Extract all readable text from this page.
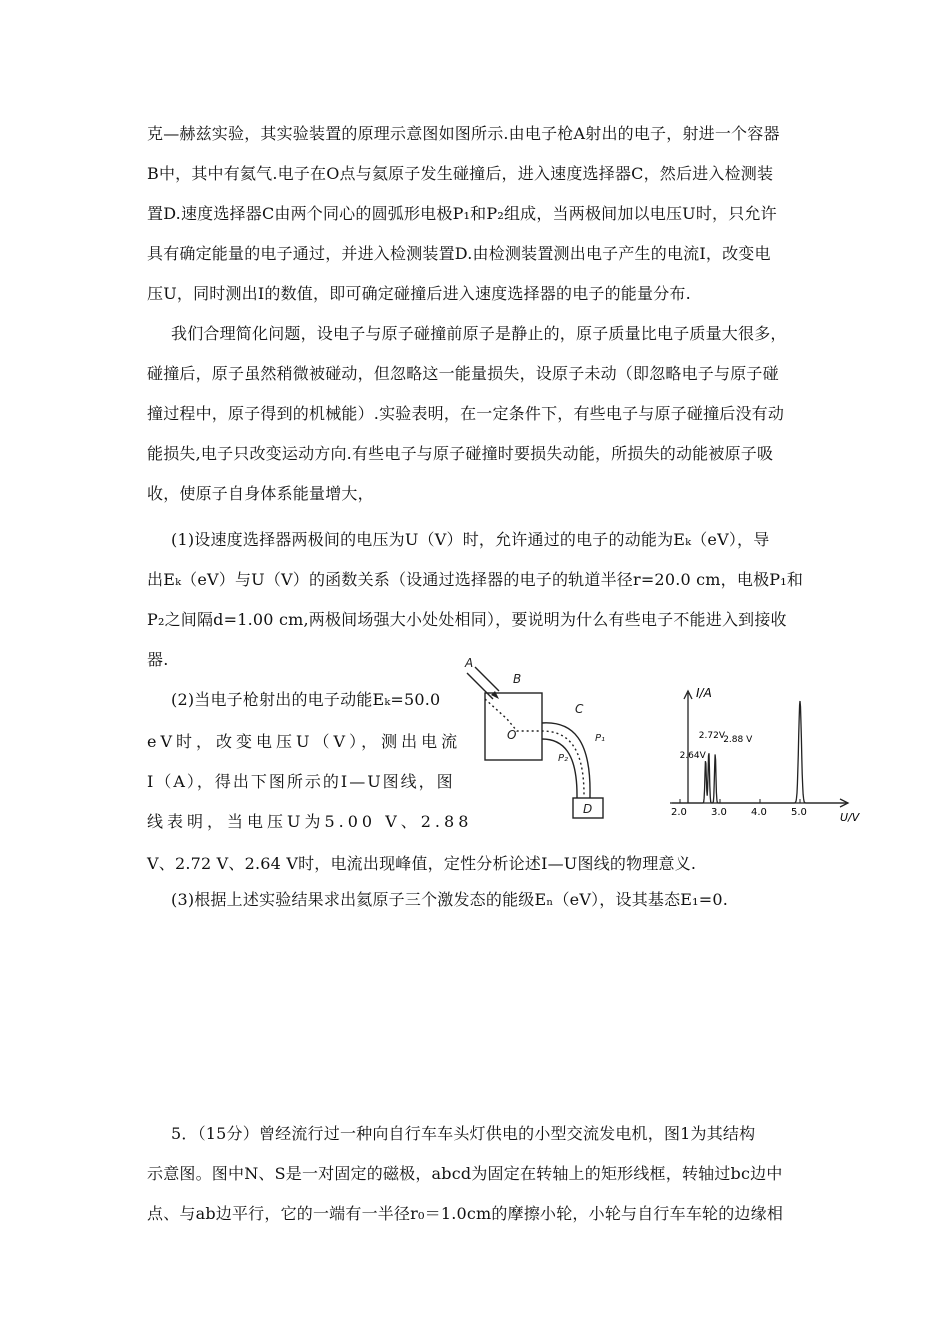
克—赫兹实验，其实验装置的原理示意图如图所示.由电子枪A射出的电子，射进一个容器
B中，其中有氦气.电子在O点与氦原子发生碰撞后，进入速度选择器C，然后进入检测装
置D.速度选择器C由两个同心的圆弧形电极P₁和P₂组成，当两极间加以电压U时，只允许
具有确定能量的电子通过，并进入检测装置D.由检测装置测出电子产生的电流I，改变电
压U，同时测出I的数值，即可确定碰撞后进入速度选择器的电子的能量分布.
我们合理简化问题，设电子与原子碰撞前原子是静止的，原子质量比电子质量大很多，
碰撞后，原子虽然稍微被碰动，但忽略这一能量损失，设原子未动（即忽略电子与原子碰
撞过程中，原子得到的机械能）.实验表明，在一定条件下，有些电子与原子碰撞后没有动
能损失,电子只改变运动方向.有些电子与原子碰撞时要损失动能，所损失的动能被原子吸
收，使原子自身体系能量增大，
(1)设速度选择器两极间的电压为U（V）时，允许通过的电子的动能为Eₖ（eV），导
出Eₖ（eV）与U（V）的函数关系（设通过选择器的电子的轨道半径r=20.0 cm，电极P₁和
P₂之间隔d=1.00 cm,两极间场强大小处处相同），要说明为什么有些电子不能进入到接收
器.
(2)当电子枪射出的电子动能Eₖ=50.0
eV时，改变电压U（V），测出电流
I（A），得出下图所示的I—U图线，图
线表明，当电压U为5.00 V、2.88
V、2.72 V、2.64 V时，电流出现峰值，定性分析论述I—U图线的物理意义.
(3)根据上述实验结果求出氦原子三个激发态的能级Eₙ（eV），设其基态E₁=0.
5．（15分）曾经流行过一种向自行车车头灯供电的小型交流发电机，图1为其结构
示意图。图中N、S是一对固定的磁极，abcd为固定在转轴上的矩形线框，转轴过bc边中
点、与ab边平行，它的一端有一半径r₀＝1.0cm的摩擦小轮，小轮与自行车车轮的边缘相
A
B
O
C
P₁
P₂
D
I/A
U/V
2.0 3.0 4.0 5.0
2.64V
2.72V
2.88 V
